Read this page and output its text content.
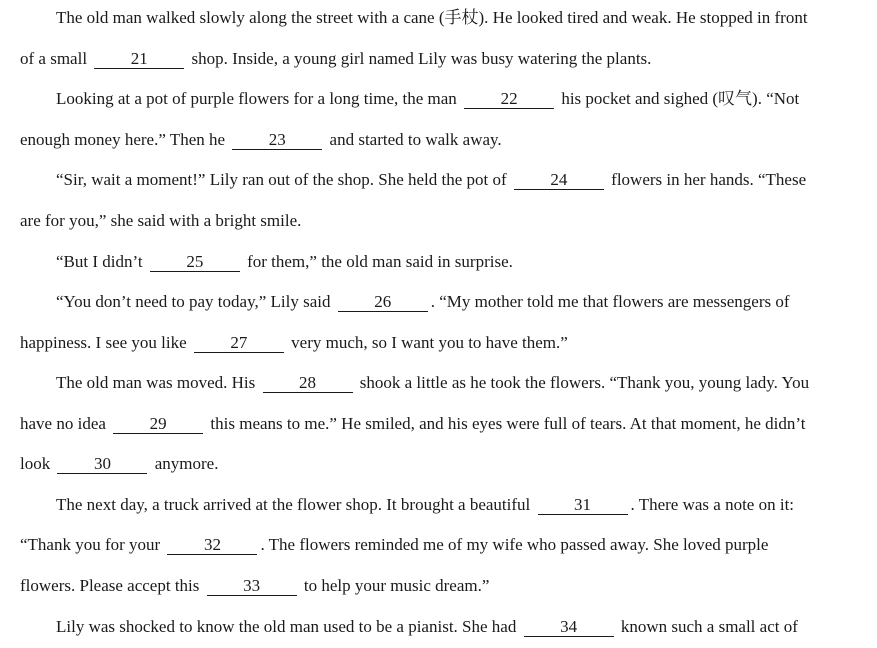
The old man walked slowly along the street with a cane (手杖). He looked tired and weak. He stopped in front
of a small 21 shop. Inside, a young girl named Lily was busy watering the plants.
Looking at a pot of purple flowers for a long time, the man 22 his pocket and sighed (叹气). “Not
enough money here.” Then he 23 and started to walk away.
“Sir, wait a moment!” Lily ran out of the shop. She held the pot of 24 flowers in her hands. “These
are for you,” she said with a bright smile.
“But I didn’t 25 for them,” the old man said in surprise.
“You don’t need to pay today,” Lily said 26 . “My mother told me that flowers are messengers of
happiness. I see you like 27 very much, so I want you to have them.”
The old man was moved. His 28 shook a little as he took the flowers. “Thank you, young lady. You
have no idea 29 this means to me.” He smiled, and his eyes were full of tears. At that moment, he didn’t
look 30 anymore.
The next day, a truck arrived at the flower shop. It brought a beautiful 31 . There was a note on it:
“Thank you for your 32 . The flowers reminded me of my wife who passed away. She loved purple
flowers. Please accept this 33 to help your music dream.”
Lily was shocked to know the old man used to be a pianist. She had 34 known such a small act of
